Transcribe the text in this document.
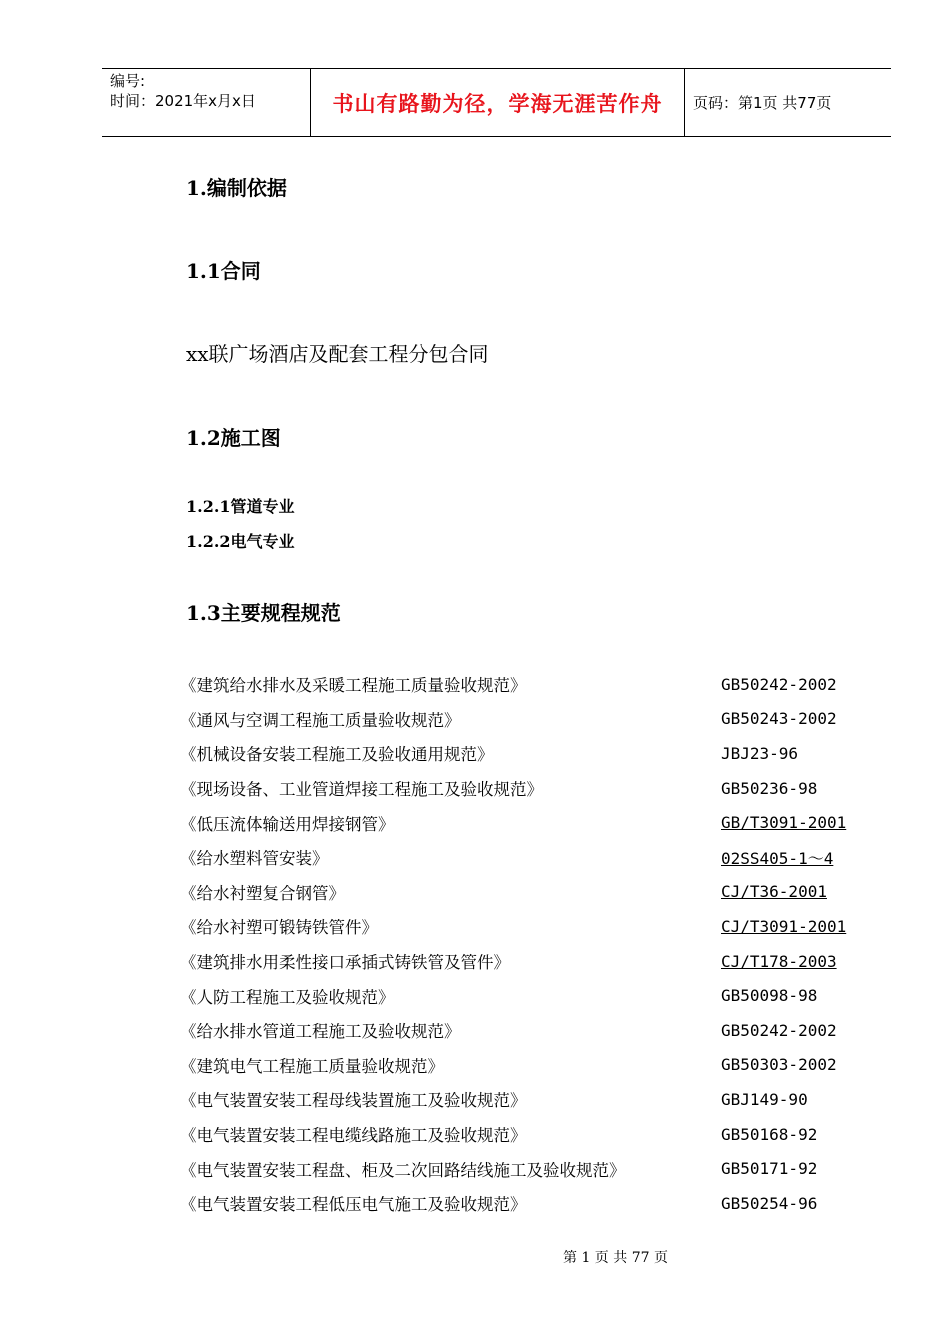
编号:
时间：2021年x月x日	书山有路勤为径，学海无涯苦作舟	页码：第1页 共77页
1.编制依据
1.1合同
xx联广场酒店及配套工程分包合同
1.2施工图
1.2.1管道专业
1.2.2电气专业
1.3主要规程规范
《建筑给水排水及采暖工程施工质量验收规范》	GB50242-2002
《通风与空调工程施工质量验收规范》	GB50243-2002
《机械设备安装工程施工及验收通用规范》	JBJ23-96
《现场设备、工业管道焊接工程施工及验收规范》	GB50236-98
《低压流体输送用焊接钢管》	GB/T3091-2001
《给水塑料管安装》	02SS405-1～4
《给水衬塑复合钢管》	CJ/T36-2001
《给水衬塑可锻铸铁管件》	CJ/T3091-2001
《建筑排水用柔性接口承插式铸铁管及管件》	CJ/T178-2003
《人防工程施工及验收规范》	GB50098-98
《给水排水管道工程施工及验收规范》	GB50242-2002
《建筑电气工程施工质量验收规范》	GB50303-2002
《电气装置安装工程母线装置施工及验收规范》	GBJ149-90
《电气装置安装工程电缆线路施工及验收规范》	GB50168-92
《电气装置安装工程盘、柜及二次回路结线施工及验收规范》	GB50171-92
《电气装置安装工程低压电气施工及验收规范》	GB50254-96
第 1 页 共 77 页
